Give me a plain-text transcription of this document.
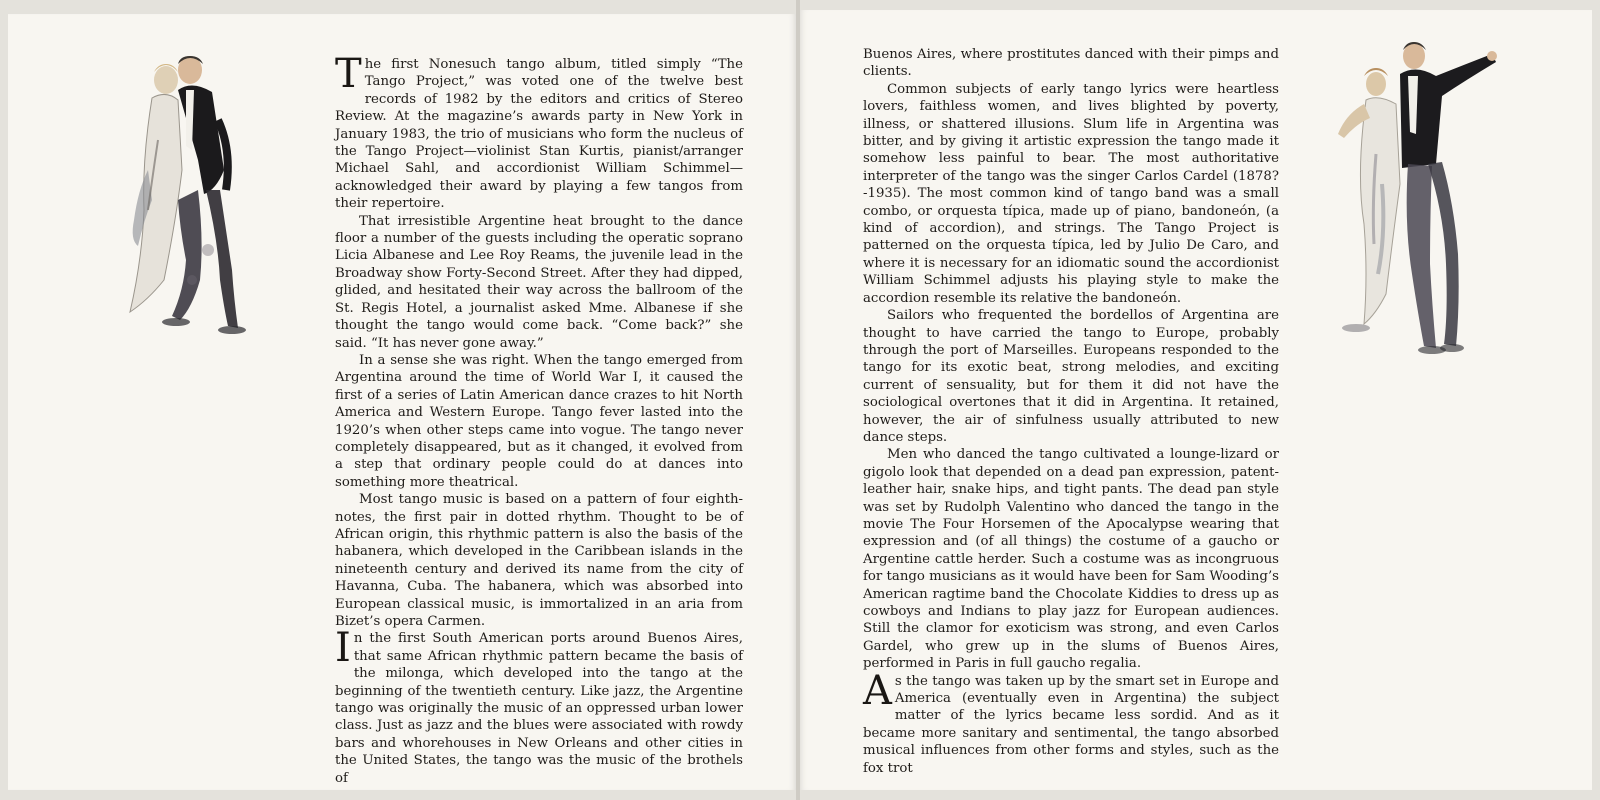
The first Nonesuch tango album, titled simply “The Tango Project,” was voted one of the twelve best records of 1982 by the editors and critics of Stereo Review. At the magazine’s awards party in New York in January 1983, the trio of musicians who form the nucleus of the Tango Project—violinist Stan Kurtis, pianist/arranger Michael Sahl, and accordionist William Schimmel—acknowledged their award by playing a few tangos from their repertoire.

That irresistible Argentine heat brought to the dance floor a number of the guests including the operatic soprano Licia Albanese and Lee Roy Reams, the juvenile lead in the Broadway show Forty-Second Street. After they had dipped, glided, and hesitated their way across the ballroom of the St. Regis Hotel, a journalist asked Mme. Albanese if she thought the tango would come back. “Come back?” she said. “It has never gone away.”

In a sense she was right. When the tango emerged from Argentina around the time of World War I, it caused the first of a series of Latin American dance crazes to hit North America and Western Europe. Tango fever lasted into the 1920’s when other steps came into vogue. The tango never completely disappeared, but as it changed, it evolved from a step that ordinary people could do at dances into something more theatrical.

Most tango music is based on a pattern of four eighth-notes, the first pair in dotted rhythm. Thought to be of African origin, this rhythmic pattern is also the basis of the habanera, which developed in the Caribbean islands in the nineteenth century and derived its name from the city of Havanna, Cuba. The habanera, which was absorbed into European classical music, is immortalized in an aria from Bizet’s opera Carmen.

In the first South American ports around Buenos Aires, that same African rhythmic pattern became the basis of the milonga, which developed into the tango at the beginning of the twentieth century. Like jazz, the Argentine tango was originally the music of an oppressed urban lower class. Just as jazz and the blues were associated with rowdy bars and whorehouses in New Orleans and other cities in the United States, the tango was the music of the brothels of

Buenos Aires, where prostitutes danced with their pimps and clients.

Common subjects of early tango lyrics were heartless lovers, faithless women, and lives blighted by poverty, illness, or shattered illusions. Slum life in Argentina was bitter, and by giving it artistic expression the tango made it somehow less painful to bear. The most authoritative interpreter of the tango was the singer Carlos Cardel (1878?-1935). The most common kind of tango band was a small combo, or orquesta típica, made up of piano, bandoneón, (a kind of accordion), and strings. The Tango Project is patterned on the orquesta típica, led by Julio De Caro, and where it is necessary for an idiomatic sound the accordionist William Schimmel adjusts his playing style to make the accordion resemble its relative the bandoneón.

Sailors who frequented the bordellos of Argentina are thought to have carried the tango to Europe, probably through the port of Marseilles. Europeans responded to the tango for its exotic beat, strong melodies, and exciting current of sensuality, but for them it did not have the sociological overtones that it did in Argentina. It retained, however, the air of sinfulness usually attributed to new dance steps.

Men who danced the tango cultivated a lounge-lizard or gigolo look that depended on a dead pan expression, patent-leather hair, snake hips, and tight pants. The dead pan style was set by Rudolph Valentino who danced the tango in the movie The Four Horsemen of the Apocalypse wearing that expression and (of all things) the costume of a gaucho or Argentine cattle herder. Such a costume was as incongruous for tango musicians as it would have been for Sam Wooding’s American ragtime band the Chocolate Kiddies to dress up as cowboys and Indians to play jazz for European audiences. Still the clamor for exoticism was strong, and even Carlos Gardel, who grew up in the slums of Buenos Aires, performed in Paris in full gaucho regalia.

As the tango was taken up by the smart set in Europe and America (eventually even in Argentina) the subject matter of the lyrics became less sordid. And as it became more sanitary and sentimental, the tango absorbed musical influences from other forms and styles, such as the fox trot
